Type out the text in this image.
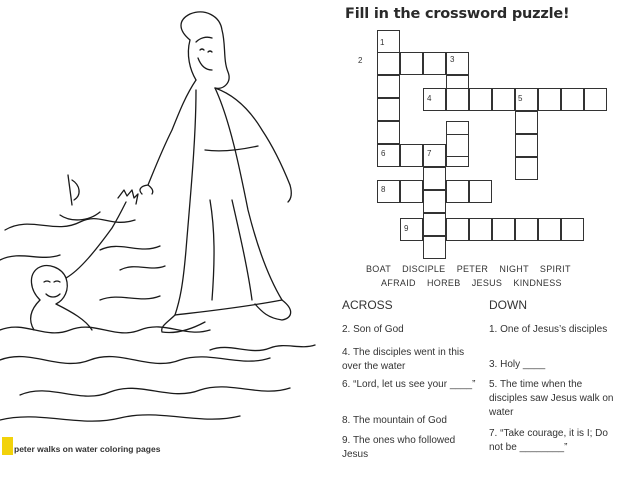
Fill in the crossword puzzle!
1
2	3
4	5
6	7
8
9
BOAT    DISCIPLE    PETER    NIGHT    SPIRIT
AFRAID    HOREB    JESUS    KINDNESS
ACROSS
2. Son of God
4. The disciples went in this over the water
6. “Lord, let us see your ____”
8. The mountain of God
9. The ones who followed Jesus
DOWN
1. One of Jesus’s disciples
3. Holy ____
5. The time when the disciples saw Jesus walk on water
7. “Take courage, it is I; Do not be ________”
peter walks on water coloring pages
